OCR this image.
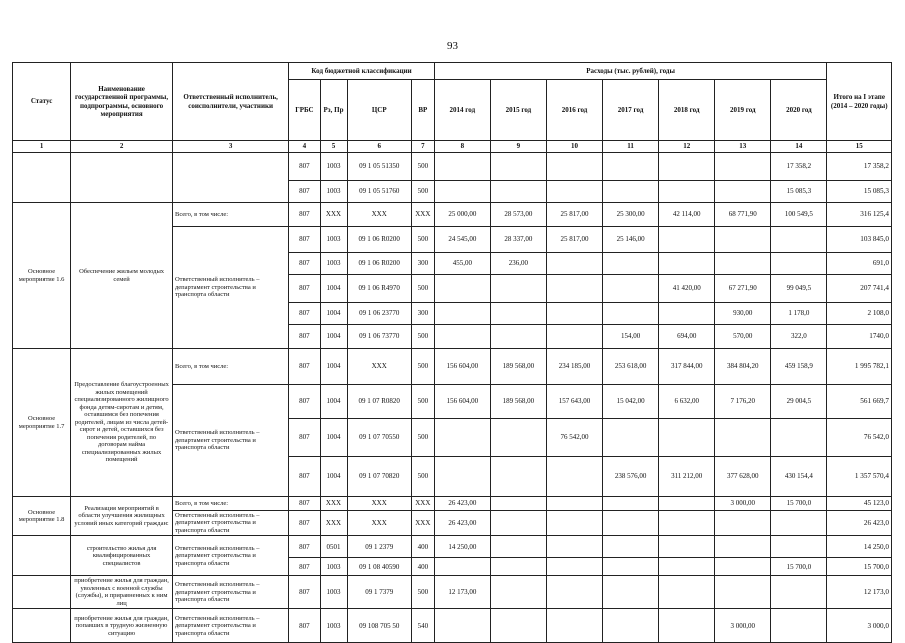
93
Статус	Наименование государственной программы, подпрограммы, основного мероприятия	Ответственный исполнитель, соисполнители, участники	Код бюджетной классификации				Расходы (тыс. рублей), годы							Итого на I этапе (2014 – 2020 годы)
			ГРБС	Рз, Пр	ЦСР	ВР	2014 год	2015 год	2016 год	2017 год	2018 год	2019 год	2020 год	
1	2	3	4	5	6	7	8	9	10	11	12	13	14	15
			807	1003	09 1 05 51350	500							17 358,2	17 358,2
			807	1003	09 1 05 51760	500							15 085,3	15 085,3
Основное мероприятие 1.6	Обеспечение жильем молодых семей	Всего, в том числе:	807	XXX	XXX	XXX	25 000,00	28 573,00	25 817,00	25 300,00	42 114,00	68 771,90	100 549,5	316 125,4
		Ответственный исполнитель – департамент строительства и транспорта области	807	1003	09 1 06 R0200	500	24 545,00	28 337,00	25 817,00	25 146,00				103 845,0
			807	1003	09 1 06 R0200	300	455,00	236,00						691,0
			807	1004	09 1 06 R4970	500					41 420,00	67 271,90	99 049,5	207 741,4
			807	1004	09 1 06 23770	300						930,00	1 178,0	2 108,0
			807	1004	09 1 06 73770	500				154,00	694,00	570,00	322,0	1740,0
Основное мероприятие 1.7	Предоставление благоустроенных жилых помещений специализированного жилищного фонда детям-сиротам и детям, оставшимся без попечения родителей, лицам из числа детей-сирот и детей, оставшихся без попечения родителей, по договорам найма специализированных жилых помещений	Всего, в том числе:	807	1004	XXX	500	156 604,00	189 568,00	234 185,00	253 618,00	317 844,00	384 804,20	459 158,9	1 995 782,1
		Ответственный исполнитель – департамент строительства и транспорта области	807	1004	09 1 07 R0820	500	156 604,00	189 568,00	157 643,00	15 042,00	6 632,00	7 176,20	29 004,5	561 669,7
			807	1004	09 1 07 70550	500			76 542,00					76 542,0
			807	1004	09 1 07 70820	500				238 576,00	311 212,00	377 628,00	430 154,4	1 357 570,4
Основное мероприятие 1.8	Реализация мероприятий в области улучшения жилищных условий иных категорий граждан:	Всего, в том числе:	807	XXX	XXX	XXX	26 423,00					3 000,00	15 700,0	45 123,0
		Ответственный исполнитель – департамент строительства и транспорта области	807	XXX	XXX	XXX	26 423,00							26 423,0
	строительство жилья для квалифицированных специалистов	Ответственный исполнитель – департамент строительства и транспорта области	807	0501	09 1 2379	400	14 250,00							14 250,0
			807	1003	09 1 08 40590	400							15 700,0	15 700,0
	приобретение жилья для граждан, уволенных с военной службы (службы), и приравненных к ним лиц	Ответственный исполнитель – департамент строительства и транспорта области	807	1003	09 1 7379	500	12 173,00							12 173,0
	приобретение жилья для граждан, попавших в трудную жизненную ситуацию	Ответственный исполнитель – департамент строительства и транспорта области	807	1003	09 108 705 50	540						3 000,00		3 000,0
